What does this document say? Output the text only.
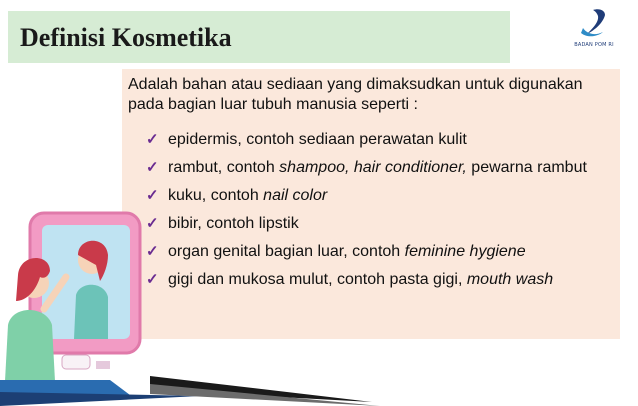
Definisi Kosmetika	BADAN POM RI
Adalah bahan atau sediaan yang dimaksudkan untuk digunakan pada bagian luar tubuh manusia seperti :
✓ epidermis, contoh sediaan perawatan kulit
✓ rambut, contoh shampoo, hair conditioner, pewarna rambut
✓ kuku, contoh nail color
✓ bibir, contoh lipstik
✓ organ genital bagian luar, contoh feminine hygiene
✓ gigi dan mukosa mulut, contoh pasta gigi, mouth wash
